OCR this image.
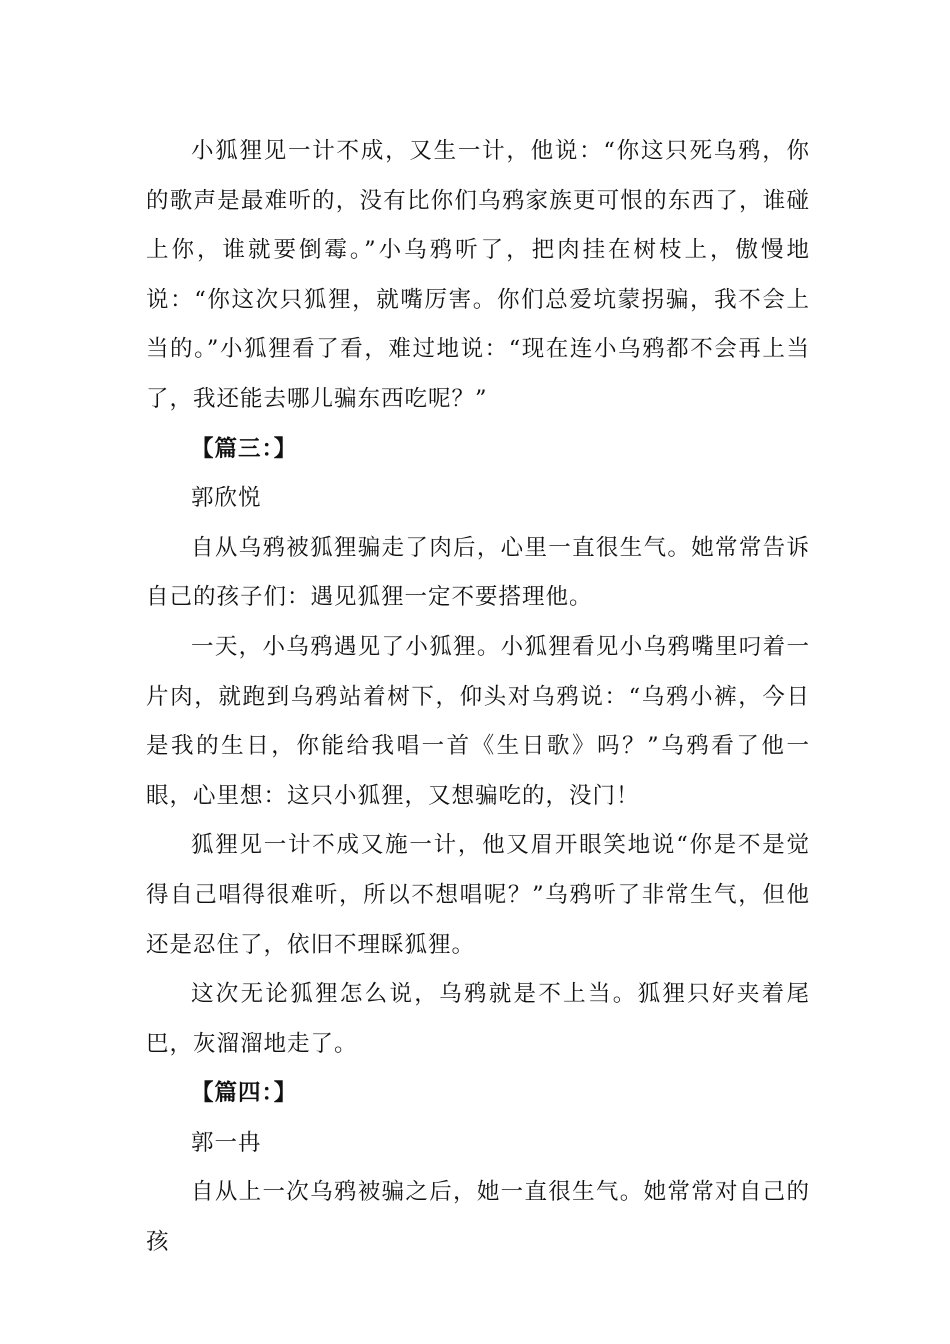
小狐狸见一计不成，又生一计，他说：“你这只死乌鸦，你的歌声是最难听的，没有比你们乌鸦家族更可恨的东西了，谁碰上你，谁就要倒霉。”小乌鸦听了，把肉挂在树枝上，傲慢地说：“你这次只狐狸，就嘴厉害。你们总爱坑蒙拐骗，我不会上当的。”小狐狸看了看，难过地说：“现在连小乌鸦都不会再上当了，我还能去哪儿骗东西吃呢？”

【篇三：】

郭欣悦

自从乌鸦被狐狸骗走了肉后，心里一直很生气。她常常告诉自己的孩子们：遇见狐狸一定不要搭理他。

一天，小乌鸦遇见了小狐狸。小狐狸看见小乌鸦嘴里叼着一片肉，就跑到乌鸦站着树下，仰头对乌鸦说：“乌鸦小裤，今日是我的生日，你能给我唱一首《生日歌》吗？”乌鸦看了他一眼，心里想：这只小狐狸，又想骗吃的，没门！

狐狸见一计不成又施一计，他又眉开眼笑地说“你是不是觉得自己唱得很难听，所以不想唱呢？”乌鸦听了非常生气，但他还是忍住了，依旧不理睬狐狸。

这次无论狐狸怎么说，乌鸦就是不上当。狐狸只好夹着尾巴，灰溜溜地走了。

【篇四：】

郭一冉

自从上一次乌鸦被骗之后，她一直很生气。她常常对自己的孩
